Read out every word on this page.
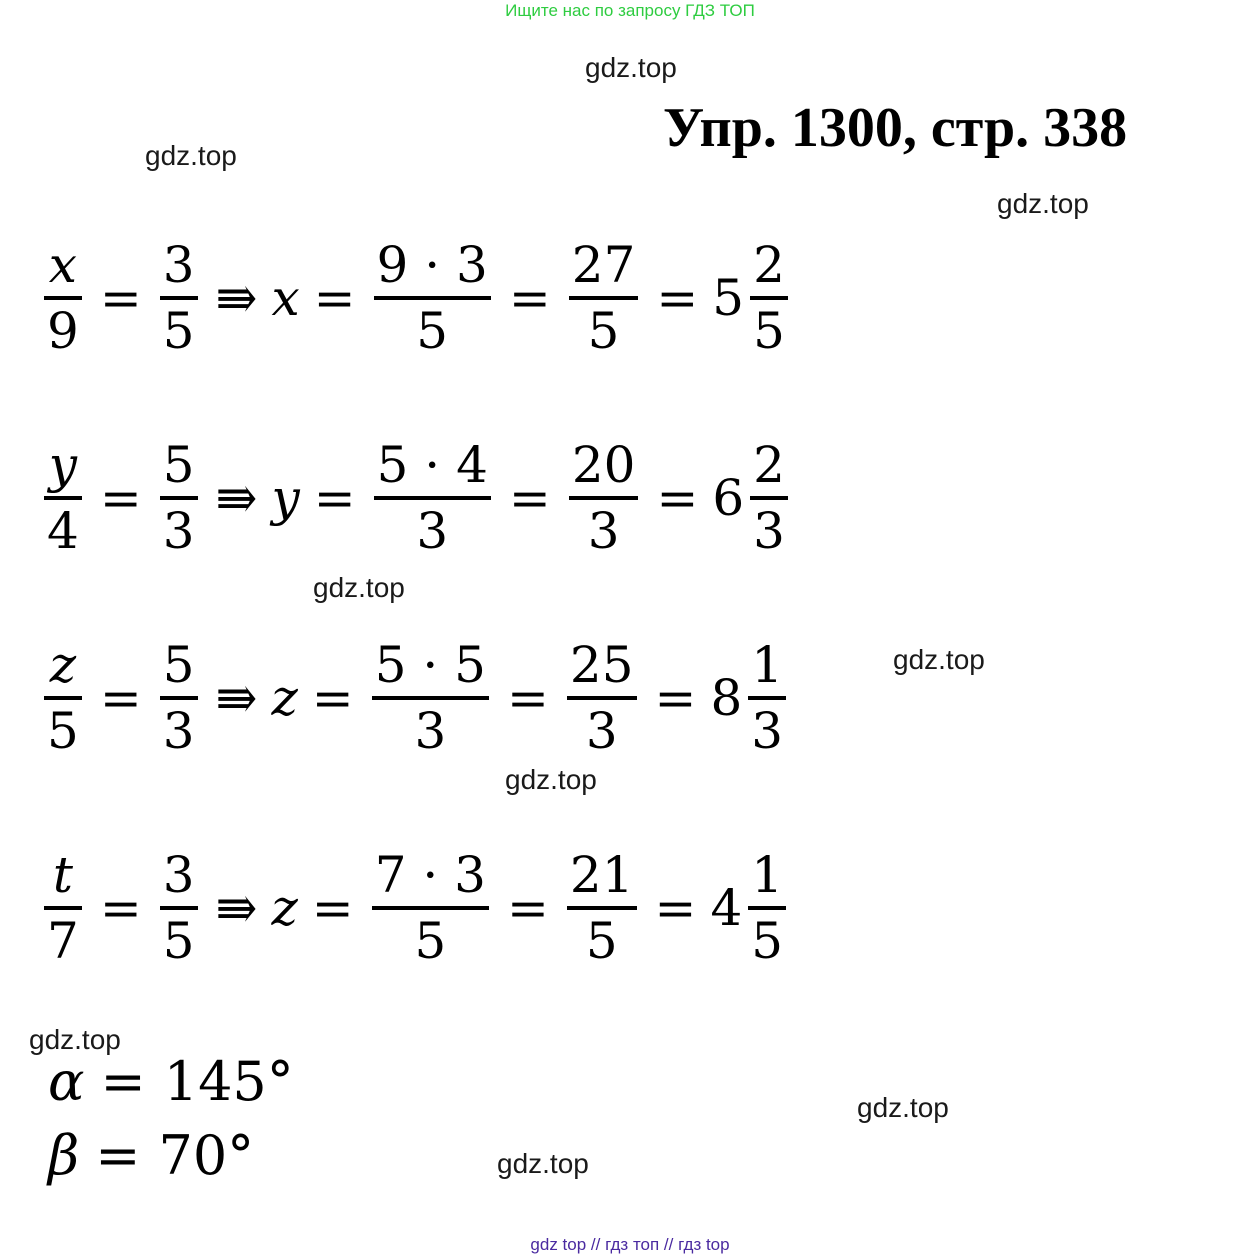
Ищите нас по запросу ГДЗ ТОП
gdz.top
gdz.top
gdz.top
gdz.top
gdz.top
gdz.top
gdz.top
gdz.top
gdz.top
Упр. 1300, стр. 338
$\frac{x}{9} = \frac{3}{5}$ ⇛ $x = \frac{9 \cdot 3}{5} = \frac{27}{5} = 5 \frac{2}{5}$
$\frac{y}{4} = \frac{5}{3}$ ⇛ $y = \frac{5 \cdot 4}{3} = \frac{20}{3} = 6 \frac{2}{3}$
$\frac{z}{5} = \frac{5}{3}$ ⇛ $z = \frac{5 \cdot 5}{3} = \frac{25}{3} = 8 \frac{1}{3}$
$\frac{t}{7} = \frac{3}{5}$ ⇛ $z = \frac{7 \cdot 3}{5} = \frac{21}{5} = 4 \frac{1}{5}$
α = 145°
β = 70°
gdz top // гдз топ // гдз top
